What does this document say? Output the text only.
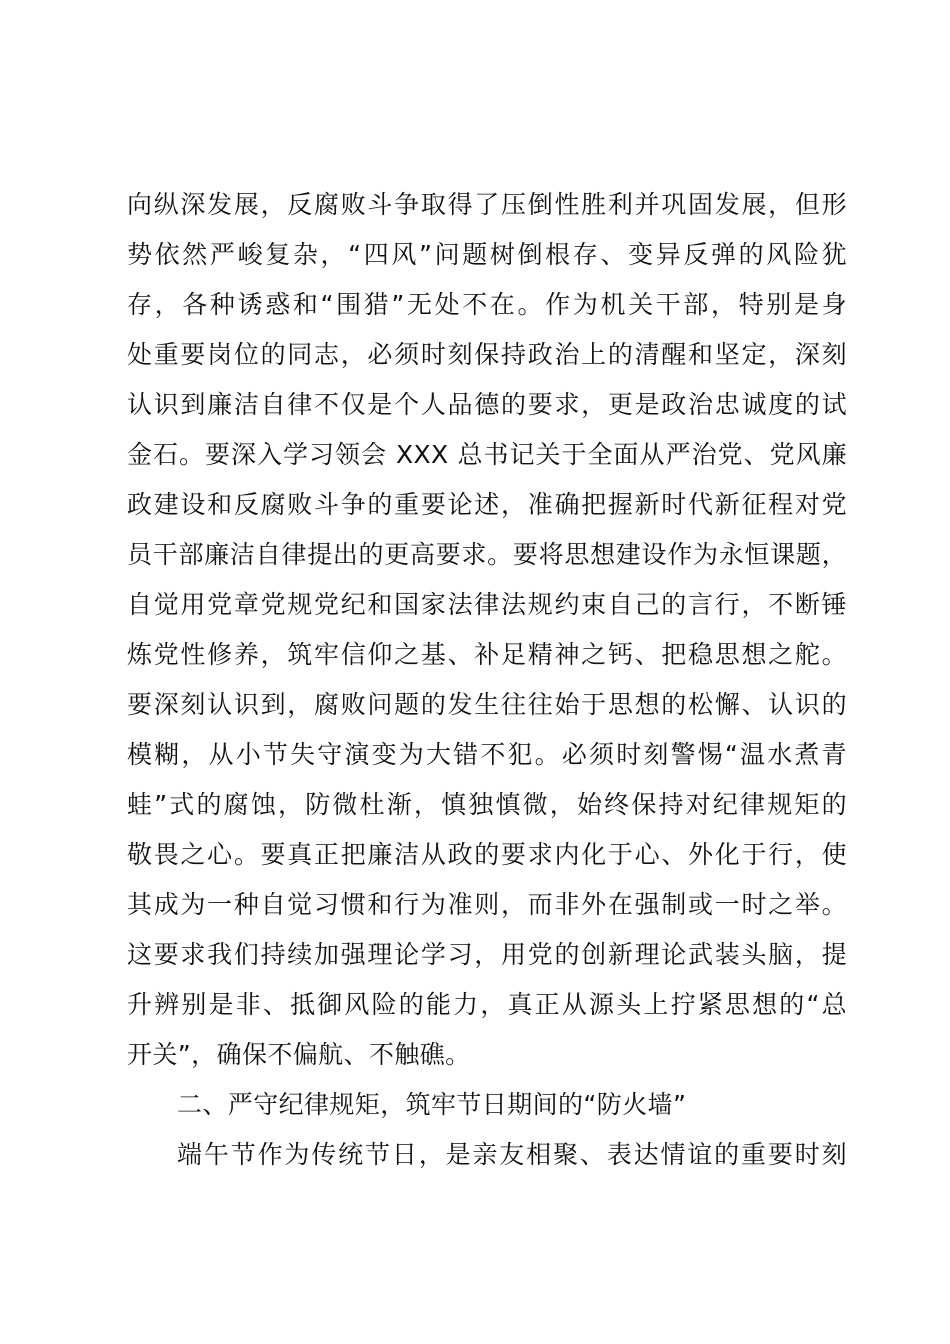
向纵深发展，反腐败斗争取得了压倒性胜利并巩固发展，但形
势依然严峻复杂，“四风”问题树倒根存、变异反弹的风险犹
存，各种诱惑和“围猎”无处不在。作为机关干部，特别是身
处重要岗位的同志，必须时刻保持政治上的清醒和坚定，深刻
认识到廉洁自律不仅是个人品德的要求，更是政治忠诚度的试
金石。要深入学习领会 XXX 总书记关于全面从严治党、党风廉
政建设和反腐败斗争的重要论述，准确把握新时代新征程对党
员干部廉洁自律提出的更高要求。要将思想建设作为永恒课题，
自觉用党章党规党纪和国家法律法规约束自己的言行，不断锤
炼党性修养，筑牢信仰之基、补足精神之钙、把稳思想之舵。
要深刻认识到，腐败问题的发生往往始于思想的松懈、认识的
模糊，从小节失守演变为大错不犯。必须时刻警惕“温水煮青
蛙”式的腐蚀，防微杜渐，慎独慎微，始终保持对纪律规矩的
敬畏之心。要真正把廉洁从政的要求内化于心、外化于行，使
其成为一种自觉习惯和行为准则，而非外在强制或一时之举。
这要求我们持续加强理论学习，用党的创新理论武装头脑，提
升辨别是非、抵御风险的能力，真正从源头上拧紧思想的“总
开关”，确保不偏航、不触礁。
二、严守纪律规矩，筑牢节日期间的“防火墙”
端午节作为传统节日，是亲友相聚、表达情谊的重要时刻
